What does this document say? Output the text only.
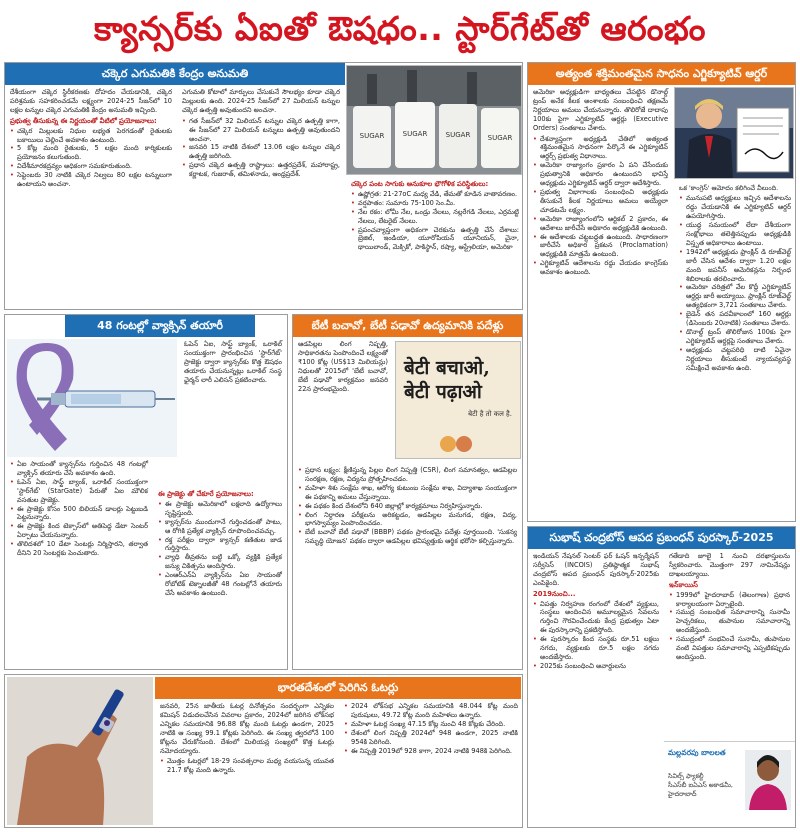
క్యాన్సర్‌కు ఏఐతో ఔషధం.. స్టార్‌గేట్‌తో ఆరంభం
చక్కెర ఎగుమతికి కేంద్రం అనుమతి

దేశీయంగా చక్కెర స్థిరీకరణకు దోహదం చేయడానికి, చక్కెర పరిశ్రమకు సహకరించడమే లక్ష్యంగా 2024-25 సీజన్‌లో 10 లక్షల టన్నుల చక్కెర ఎగుమతికి కేంద్రం అనుమతి ఇచ్చింది.

ప్రభుత్వ తీసుకున్న ఈ నిర్ణయంతో వీటిలో ప్రయోజనాలు:
• చక్కెర మిల్లులకు నిధుల లభ్యత పెరగడంతో రైతులకు బకాయిలు చెల్లించే అవకాశం ఉంటుంది.
• 5 కోట్ల మంది రైతులకు, 5 లక్షల మంది కార్మికులకు ప్రయోజనం కలుగుతుంది.
• విదేశీమారకద్రవ్యం అధికంగా సమకూరుతుంది.
• సెప్టెంబరు 30 నాటికి చక్కెర నిల్వలు 80 లక్షల టన్నులుగా ఉంటాయని అంచనా.

ఎగుమతి కోటాలో మార్పులు చేసుకునే సౌలభ్యం కూడా చక్కెర మిల్లులకు ఉంది. 2024-25 సీజన్‌లో 27 మిలియన్ టన్నుల చక్కెర ఉత్పత్తి అవుతుందని అంచనా.

• గత సీజన్‌లో 32 మిలియన్ టన్నుల చక్కెర ఉత్పత్తి కాగా, ఈ సీజన్‌లో 27 మిలియన్ టన్నులు ఉత్పత్తి అవుతుందని అంచనా.
• జనవరి 15 నాటికి దేశంలో 13.06 లక్షల టన్నుల చక్కెర ఉత్పత్తి జరిగింది.
• ప్రధాన చక్కెర ఉత్పత్తి రాష్ట్రాలు: ఉత్తరప్రదేశ్, మహారాష్ట్ర, కర్ణాటక, గుజరాత్, తమిళనాడు, ఆంధ్రప్రదేశ్.
SUGAR	SUGAR	SUGAR SUGAR
చక్కెర పంట సాగుకు అనుకూల భౌగోళిక పరిస్థితులు:
• ఉష్ణోగ్రత: 21-27oC మధ్య వేడి, తేమతో కూడిన వాతావరణం.
• వర్షపాతం: సుమారు 75-100 సెం.మీ.
• నేల రకం: లోమీ నేల, ఒండ్రు నేలలు, నల్లరేగడి నేలలు, ఎర్రమట్టి నేలలు, లేటరైట్ నేలలు.
• ప్రపంచవ్యాప్తంగా అధికంగా చెరకును ఉత్పత్తి చేసే దేశాలు: బ్రెజిల్, ఇండియా, యూరోపియన్ యూనియన్, చైనా, థాయిలాండ్, మెక్సికో, పాకిస్థాన్, రష్యా, ఆస్ట్రేలియా, అమెరికా
అత్యంత శక్తిమంతమైన సాధనం ఎగ్జిక్యూటివ్ ఆర్డర్

అమెరికా అధ్యక్షుడిగా బాధ్యతలు చేపట్టిన డొనాల్డ్ ట్రంప్ అనేక కీలక అంశాలకు సంబంధించి తక్షణమే నిర్ణయాలు అమలు చేయనున్నారు. తొలిరోజే దాదాపు 100కు పైగా ఎగ్జిక్యూటివ్ ఆర్డర్లు (Executive Orders) సంతకాలు చేశారు.

• దేశవ్యాప్తంగా అధ్యక్షుడి చేతిలో అత్యంత శక్తిమంతమైన సాధనంగా పేర్కొనే ఈ ఎగ్జిక్యూటివ్ ఆర్డర్స్ ప్రభుత్వ విధానాలు.
• అమెరికా రాజ్యాంగం ప్రకారం ఏ పని చేసేందుకు ప్రభుత్వానికి అధికారం ఉంటుందని భావిస్తే అధ్యక్షుడు ఎగ్జిక్యూటివ్ ఆర్డర్ ద్వారా ఆదేశిస్తారు.
• ప్రభుత్వ విభాగాలకు సంబంధించి అధ్యక్షుడు తీసుకునే కీలక నిర్ణయాలు అమలు అయ్యేలా చూడటమే లక్ష్యం.
• అమెరికా రాజ్యాంగంలోని ఆర్టికల్ 2 ప్రకారం, ఈ ఆదేశాలు జారీచేసే అధికారం అధ్యక్షుడికి ఉంటుంది.
• ఈ ఆదేశాలకు చట్టబద్ధత ఉంటుంది. సాధారణంగా జారీచేసే అధికార ప్రకటన (Proclamation) అధ్యక్షుడికి మాత్రమే ఉంటుంది.
• ఎగ్జిక్యూటివ్ ఆదేశాలను రద్దు చేయడం కాంగ్రెస్‌కు అవకాశం ఉంటుంది.

ఒక 'కాంగ్రెస్' ఆమోదం కలిగించే వీలుంది.

• మునుపటి అధ్యక్షులు ఇచ్చిన ఆదేశాలను రద్దు చేయడానికి ఈ ఎగ్జిక్యూటివ్ ఆర్డర్ ఉపయోగిస్తారు.
• యుద్ధ సమయంలో లేదా దేశీయంగా సంక్షోభాలు తలెత్తినప్పుడు అధ్యక్షుడికి విస్తృత అధికారాలు ఉంటాయి.
• 1942లో అధ్యక్షుడు ఫ్రాంక్లిన్ డి రూజ్‌వెల్ట్ జారీ చేసిన ఆదేశం ద్వారా 1.20 లక్షల మంది జపనీస్ అమెరికన్లను నిర్బంధ శిబిరాలకు తరలించారు.
• అమెరికా చరిత్రలో వేల కొద్దీ ఎగ్జిక్యూటివ్ ఆర్డర్లు జారీ అయ్యాయి. ఫ్రాంక్లిన్ రూజ్‌వెల్ట్ అత్యధికంగా 3,721 సంతకాలు చేశారు.
• బైడెన్ తన పదవీకాలంలో 160 ఆర్డర్లు (డిసెంబరు 20నాటికి) సంతకాలు చేశారు.
• డొనాల్డ్ ట్రంప్ తొలిరోజున 100కు పైగా ఎగ్జిక్యూటివ్ ఆర్డర్లపై సంతకాలు చేశారు.
• అధ్యక్షుడు చట్టపరిధి దాటి ఏవైనా నిర్ణయాలు తీసుకుంటే న్యాయవ్యవస్థ సమీక్షించే అవకాశం ఉంది.
48 గంటల్లో వ్యాక్సిన్ తయారీ

ఓపెన్ ఏఐ, సాఫ్ట్ బ్యాంక్, ఒరాకిల్ సంయుక్తంగా ప్రారంభించిన 'స్టార్‌గేట్' ప్రాజెక్టు ద్వారా క్యాన్సర్‌కు కొత్త ఔషధం తయారు చేయనున్నట్లు ఒరాకిల్ సంస్థ ఛైర్మన్ లారీ ఎలిసన్ ప్రకటించారు.

• ఏఐ సాయంతో క్యాన్సర్‌ను గుర్తించిన 48 గంటల్లో వ్యాక్సిన్ తయారు చేసే అవకాశం ఉంది.
• ఓపెన్ ఏఐ, సాఫ్ట్ బ్యాంక్, ఒరాకిల్ సంయుక్తంగా 'స్టార్‌గేట్' (StarGate) పేరుతో ఏఐ మౌలిక వసతుల ప్రాజెక్టు.
• ఈ ప్రాజెక్టు కోసం 500 బిలియన్ డాలర్లు పెట్టుబడి పెట్టనున్నారు.
• ఈ ప్రాజెక్టు కింద టెక్సాస్‌లో అతిపెద్ద డేటా సెంటర్ ఏర్పాటు చేయనున్నారు.
• తొలిదశలో 10 డేటా సెంటర్లు నిర్మిస్తారని, తర్వాత దీనిని 20 సెంటర్లకు పెంచుతారు.
ఈ ప్రాజెక్టు తో చేకూరే ప్రయోజనాలు:
• ఈ ప్రాజెక్టు అమెరికాలో లక్షలాది ఉద్యోగాలు సృష్టిస్తుంది.
• క్యాన్సర్‌ను ముందుగానే గుర్తించడంతో పాటు, ఆ రోగికి ప్రత్యేక వ్యాక్సిన్ రూపొందించవచ్చు.
• రక్త పరీక్షల ద్వారా క్యాన్సర్ కణితుల జాడ గుర్తిస్తారు.
• వ్యాధి తీవ్రతను బట్టి ఒక్కో వ్యక్తికి ప్రత్యేక జన్యు చికిత్సను అందిస్తారు.
• ఎంఆర్ఎన్ఏ వ్యాక్సిన్‌ను ఏఐ సాయంతో రోబోటిక్ టెక్నాలజీతో 48 గంటల్లోనే తయారు చేసే అవకాశం ఉంటుంది.
బేటీ బచావో, బేటీ పఢావో ఉద్యమానికి పదేళ్లు

ఆడపిల్లల లింగ నిష్పత్తి, సాధికారతను పెంపొందించే లక్ష్యంతో ₹100 కోట్ల (US$13 మిలియన్లు) నిధులతో 2015లో 'బేటీ బచావో, బేటీ పఢావో' కార్యక్రమం జనవరి 22న ప్రారంభమైంది.

बेटी बचाओ,
बेटी पढ़ाओ
बेटी है तो कल है.
• ప్రధాన లక్ష్యం: క్షీణిస్తున్న పిల్లల లింగ నిష్పత్తి (CSR), లింగ సమానత్వం, ఆడపిల్లల సంరక్షణ, రక్షణ, విద్యను ప్రోత్సహించడం.
• మహిళా శిశు సంక్షేమ శాఖ, ఆరోగ్య కుటుంబ సంక్షేమ శాఖ, విద్యాశాఖ సంయుక్తంగా ఈ పథకాన్ని అమలు చేస్తున్నాయి.
• ఈ పథకం కింద దేశంలోని 640 జిల్లాల్లో కార్యక్రమాలు నిర్వహిస్తున్నారు.
• లింగ నిర్ధారణ పరీక్షలను అరికట్టడం, ఆడపిల్లల మనుగడ, రక్షణ, విద్య, భాగస్వామ్యం పెంపొందించడం.
• బేటీ బచావో బేటీ పఢావో (BBBP) పథకం ప్రారంభమై పదేళ్లు పూర్తయింది. 'సుకన్య సమృద్ధి యోజన' పథకం ద్వారా ఆడపిల్లల భవిష్యత్తుకు ఆర్థిక భరోసా కల్పిస్తున్నారు.	సుభాష్ చంద్రబోస్ ఆపద ప్రబంధన్ పురస్కార్-2025

ఇండియన్ నేషనల్ సెంటర్ ఫర్ ఓషన్ ఇన్ఫర్మేషన్ సర్వీసెస్ (INCOIS) ప్రతిష్ఠాత్మక సుభాష్ చంద్రబోస్ ఆపద ప్రబంధన్ పురస్కార్-2025కు ఎంపికైంది.

2019నుంచి...
• విపత్తు నిర్వహణ రంగంలో దేశంలో వ్యక్తులు, సంస్థలు అందించిన అమూల్యమైన సేవలను గుర్తించి గౌరవించేందుకు కేంద్ర ప్రభుత్వం ఏటా ఈ పురస్కారాన్ని ప్రకటిస్తోంది.
• ఈ పురస్కారం కింద సంస్థకు రూ.51 లక్షలు నగదు, వ్యక్తులకు రూ.5 లక్షల నగదు అందజేస్తారు.
• 2025కు సంబంధించి అవార్డులను

గతేడాది జూలై 1 నుంచి దరఖాస్తులను స్వీకరించారు. మొత్తంగా 297 నామినేషన్లు దాఖలయ్యాయి.

ఇన్‌కాయిస్
• 1999లో హైదరాబాద్ (తెలంగాణ) ప్రధాన కార్యాలయంగా ఏర్పాటైంది.
• సముద్ర సంబంధిత సమాచారాన్ని సునామీ హెచ్చరికలు, తుపానుల సమాచారాన్ని అందజేస్తుంది.
• సముద్రంలో సంభవించే సునామీ, తుపానుల వంటి విపత్తుల సమాచారాన్ని ఎప్పటికప్పుడు అందిస్తుంది.
మల్లవరపు బాలలత
సివిల్స్ ఫ్యాకల్టీ
సీఎస్‌బీ ఐఏఎస్ అకాడమీ,
హైదరాబాద్
భారతదేశంలో పెరిగిన ఓటర్లు

జనవరి, 25న జాతీయ ఓటర్ల దినోత్సవం సందర్భంగా ఎన్నికల కమిషన్ విడుదలచేసిన వివరాల ప్రకారం, 2024లో జరిగిన లోక్‌సభ ఎన్నికల సమయానికి 96.88 కోట్ల మంది ఓటర్లు ఉండగా, 2025 నాటికి ఆ సంఖ్య 99.1 కోట్లకు పెరిగింది. ఈ సంఖ్య త్వరలోనే 100 కోట్లను చేరుకోనుంది. దేశంలో మిలియన్ల సంఖ్యలో కొత్త ఓటర్లు నమోదయ్యారు.

• మొత్తం ఓటర్లలో 18-29 సంవత్సరాల మధ్య వయసున్న యువత 21.7 కోట్ల మంది ఉన్నారు.
• 2024 లోక్‌సభ ఎన్నికల సమయానికి 48.044 కోట్ల మంది పురుషులు, 49.72 కోట్ల మంది మహిళలు ఉన్నారు.
• మహిళా ఓటర్ల సంఖ్య 47.15 కోట్ల నుంచి 48 కోట్లకు చేరింది.
• దేశంలో లింగ నిష్పత్తి 2024లో 948 ఉండగా, 2025 నాటికి 954కి పెరిగింది.
• ఈ నిష్పత్తి 2019లో 928 కాగా, 2024 నాటికి 948కి పెరిగింది.
